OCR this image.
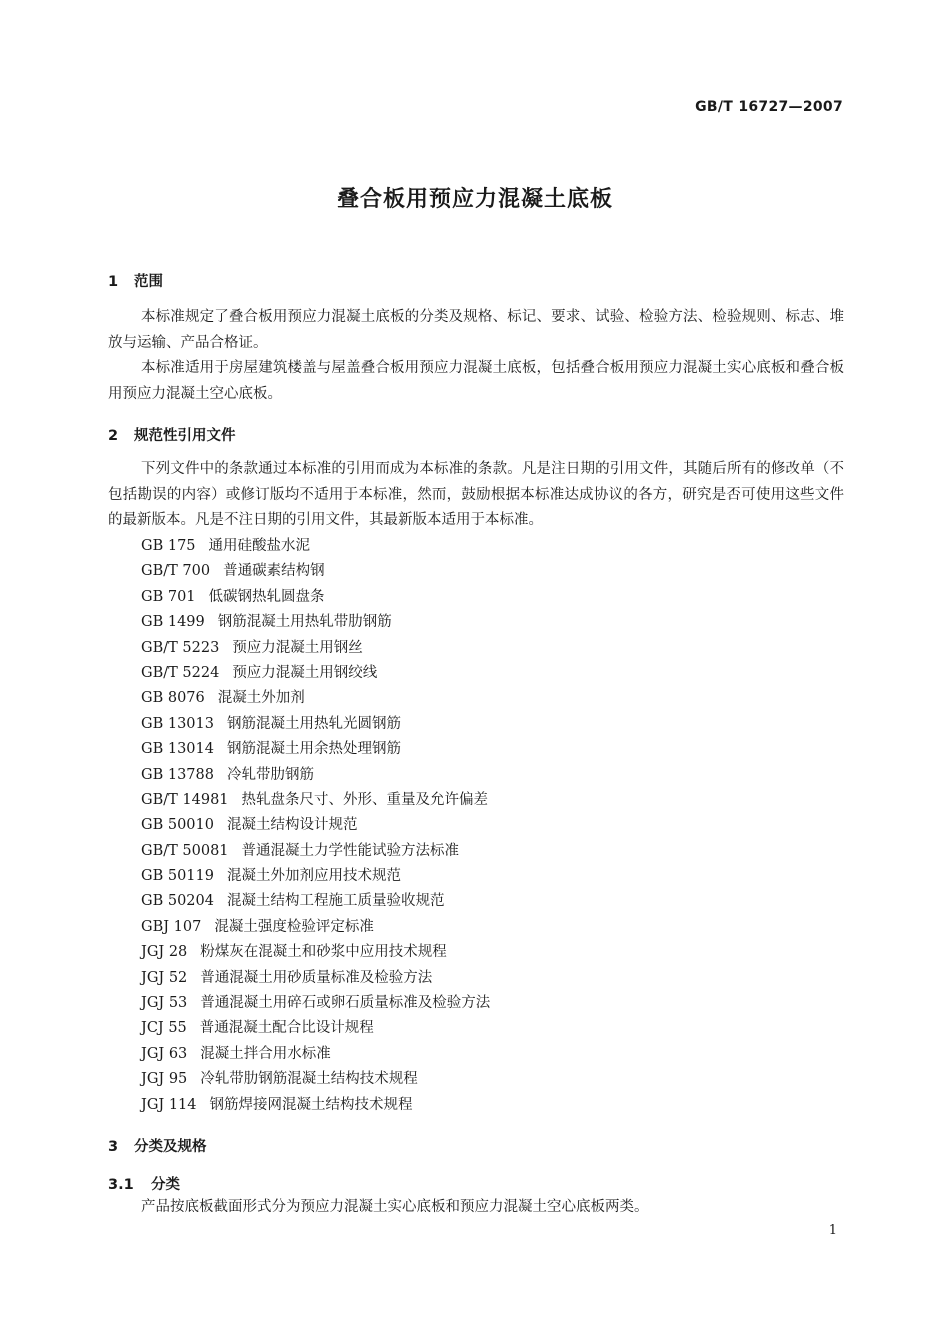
GB/T 16727—2007
叠合板用预应力混凝土底板
1 范围

本标准规定了叠合板用预应力混凝土底板的分类及规格、标记、要求、试验、检验方法、检验规则、标志、堆放与运输、产品合格证。

本标准适用于房屋建筑楼盖与屋盖叠合板用预应力混凝土底板，包括叠合板用预应力混凝土实心底板和叠合板用预应力混凝土空心底板。

2 规范性引用文件

下列文件中的条款通过本标准的引用而成为本标准的条款。凡是注日期的引用文件，其随后所有的修改单（不包括勘误的内容）或修订版均不适用于本标准，然而，鼓励根据本标准达成协议的各方，研究是否可使用这些文件的最新版本。凡是不注日期的引用文件，其最新版本适用于本标准。

GB 175 通用硅酸盐水泥
GB/T 700 普通碳素结构钢
GB 701 低碳钢热轧圆盘条
GB 1499 钢筋混凝土用热轧带肋钢筋
GB/T 5223 预应力混凝土用钢丝
GB/T 5224 预应力混凝土用钢绞线
GB 8076 混凝土外加剂
GB 13013 钢筋混凝土用热轧光圆钢筋
GB 13014 钢筋混凝土用余热处理钢筋
GB 13788 冷轧带肋钢筋
GB/T 14981 热轧盘条尺寸、外形、重量及允许偏差
GB 50010 混凝土结构设计规范
GB/T 50081 普通混凝土力学性能试验方法标准
GB 50119 混凝土外加剂应用技术规范
GB 50204 混凝土结构工程施工质量验收规范
GBJ 107 混凝土强度检验评定标准
JGJ 28 粉煤灰在混凝土和砂浆中应用技术规程
JGJ 52 普通混凝土用砂质量标准及检验方法
JGJ 53 普通混凝土用碎石或卵石质量标准及检验方法
JCJ 55 普通混凝土配合比设计规程
JGJ 63 混凝土拌合用水标准
JGJ 95 冷轧带肋钢筋混凝土结构技术规程
JGJ 114 钢筋焊接网混凝土结构技术规程
3 分类及规格
3.1 分类

产品按底板截面形式分为预应力混凝土实心底板和预应力混凝土空心底板两类。

1
